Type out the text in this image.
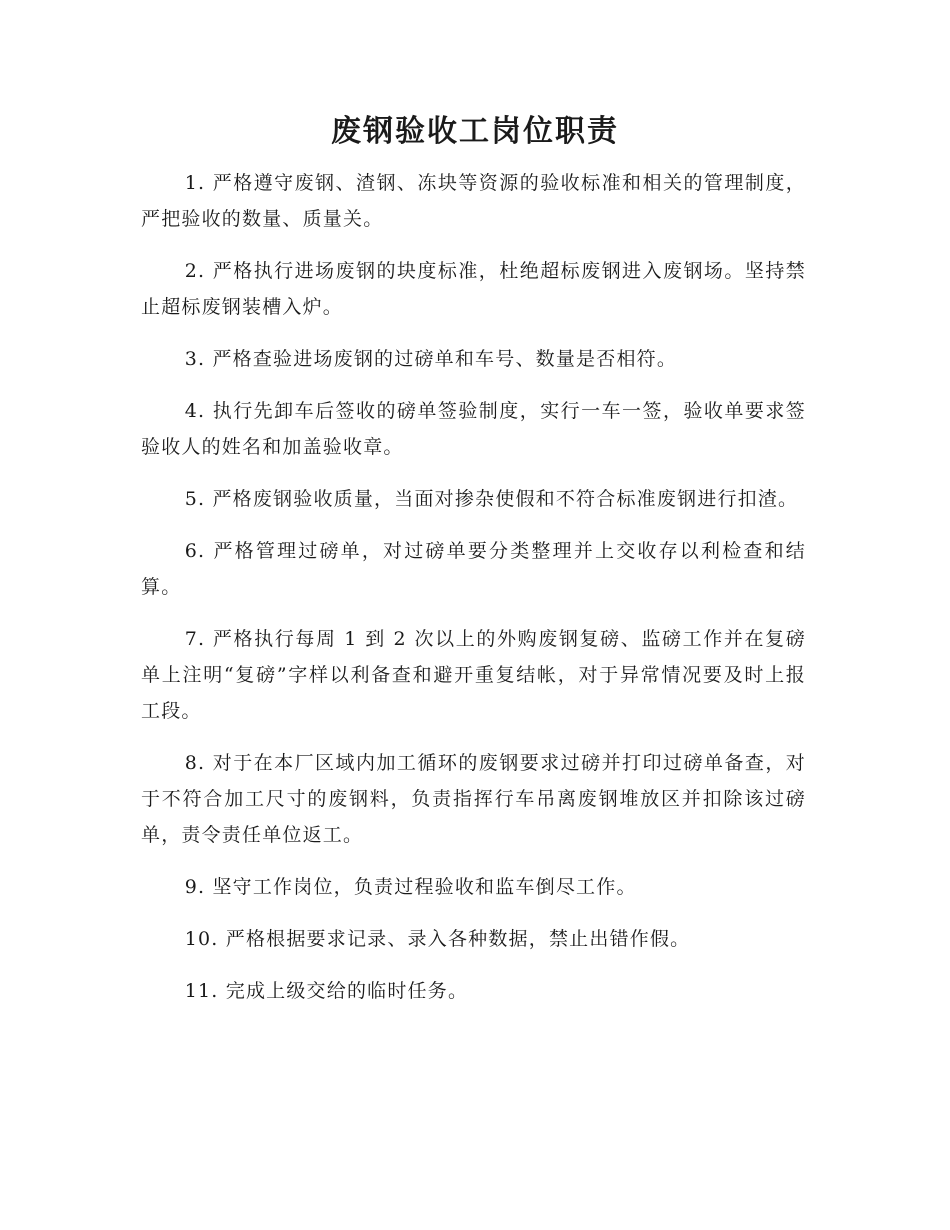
废钢验收工岗位职责

1. 严格遵守废钢、渣钢、冻块等资源的验收标准和相关的管理制度，严把验收的数量、质量关。

2. 严格执行进场废钢的块度标准，杜绝超标废钢进入废钢场。坚持禁止超标废钢装槽入炉。

3. 严格查验进场废钢的过磅单和车号、数量是否相符。

4. 执行先卸车后签收的磅单签验制度，实行一车一签，验收单要求签验收人的姓名和加盖验收章。

5. 严格废钢验收质量，当面对掺杂使假和不符合标准废钢进行扣渣。

6. 严格管理过磅单，对过磅单要分类整理并上交收存以利检查和结算。

7. 严格执行每周 1 到 2 次以上的外购废钢复磅、监磅工作并在复磅单上注明“复磅”字样以利备查和避开重复结帐，对于异常情况要及时上报工段。

8. 对于在本厂区域内加工循环的废钢要求过磅并打印过磅单备查，对于不符合加工尺寸的废钢料，负责指挥行车吊离废钢堆放区并扣除该过磅单，责令责任单位返工。

9. 坚守工作岗位，负责过程验收和监车倒尽工作。

10. 严格根据要求记录、录入各种数据，禁止出错作假。

11. 完成上级交给的临时任务。
